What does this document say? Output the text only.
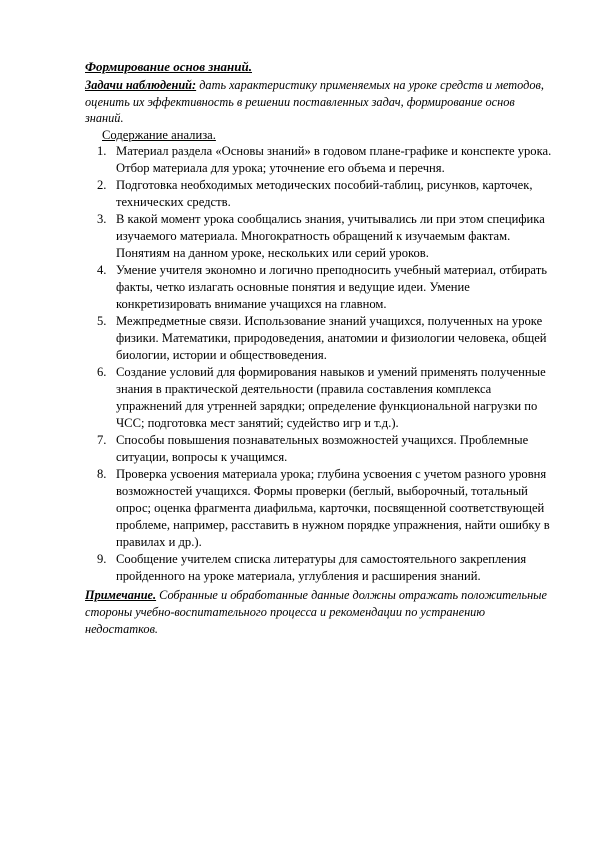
Формирование основ знаний.

Задачи наблюдений: дать характеристику применяемых на уроке средств и методов, оценить их эффективность в решении поставленных задач, формирование основ знаний.

Содержание анализа.

1. Материал раздела «Основы знаний» в годовом плане-графике и конспекте урока. Отбор материала для урока; уточнение его объема и перечня.
2. Подготовка необходимых методических пособий-таблиц, рисунков, карточек, технических средств.
3. В какой момент урока сообщались знания, учитывались ли при этом специфика изучаемого материала. Многократность обращений к изучаемым фактам. Понятиям на данном уроке, нескольких или серий уроков.
4. Умение учителя экономно и логично преподносить учебный материал, отбирать факты, четко излагать основные понятия и ведущие идеи. Умение конкретизировать внимание учащихся на главном.
5. Межпредметные связи. Использование знаний учащихся, полученных на уроке физики. Математики, природоведения, анатомии и физиологии человека, общей биологии, истории и обществоведения.
6. Создание условий для формирования навыков и умений применять полученные знания в практической деятельности (правила составления комплекса упражнений для утренней зарядки; определение функциональной нагрузки по ЧСС; подготовка мест занятий; судейство игр и т.д.).
7. Способы повышения познавательных возможностей учащихся. Проблемные ситуации, вопросы к учащимся.
8. Проверка усвоения материала урока; глубина усвоения с учетом разного уровня возможностей учащихся. Формы проверки (беглый, выборочный, тотальный опрос; оценка фрагмента диафильма, карточки, посвященной соответствующей проблеме, например, расставить в нужном порядке упражнения, найти ошибку в правилах и др.).
9. Сообщение учителем списка литературы для самостоятельного закрепления пройденного на уроке материала, углубления и расширения знаний.

Примечание. Собранные и обработанные данные должны отражать положительные стороны учебно-воспитательного процесса и рекомендации по устранению недостатков.
